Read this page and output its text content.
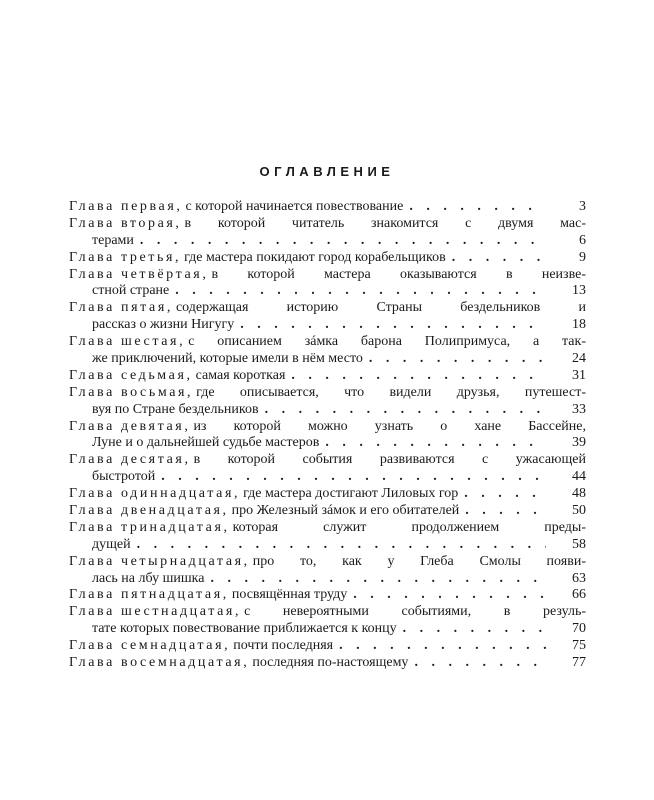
ОГЛАВЛЕНИЕ
Глава первая, с которой начинается повествование . . .	3
Глава вторая, в которой читатель знакомится с двумя мас-
терами . . .	6
Глава третья, где мастера покидают город корабельщиков . . .	9
Глава четвёртая, в которой мастера оказываются в неизве-
стной стране . . .	13
Глава пятая, содержащая историю Страны бездельников и
рассказ о жизни Нигугу . . .	18
Глава шестая, с описанием зáмка барона Полипримуса, а так-
же приключений, которые имели в нём место . . .	24
Глава седьмая, самая короткая . . .	31
Глава восьмая, где описывается, что видели друзья, путешест-
вуя по Стране бездельников . . .	33
Глава девятая, из которой можно узнать о хане Бассейне,
Луне и о дальнейшей судьбе мастеров . . .	39
Глава десятая, в которой события развиваются с ужасающей
быстротой . . .	44
Глава одиннадцатая, где мастера достигают Лиловых гор . . .	48
Глава двенадцатая, про Железный зáмок и его обитателей . . .	50
Глава тринадцатая, которая служит продолжением преды-
дущей . . .	58
Глава четырнадцатая, про то, как у Глеба Смолы появи-
лась на лбу шишка . . .	63
Глава пятнадцатая, посвящённая труду . . .	66
Глава шестнадцатая, с невероятными событиями, в резуль-
тате которых повествование приближается к концу . . .	70
Глава семнадцатая, почти последняя . . .	75
Глава восемнадцатая, последняя по-настоящему . . .	77
